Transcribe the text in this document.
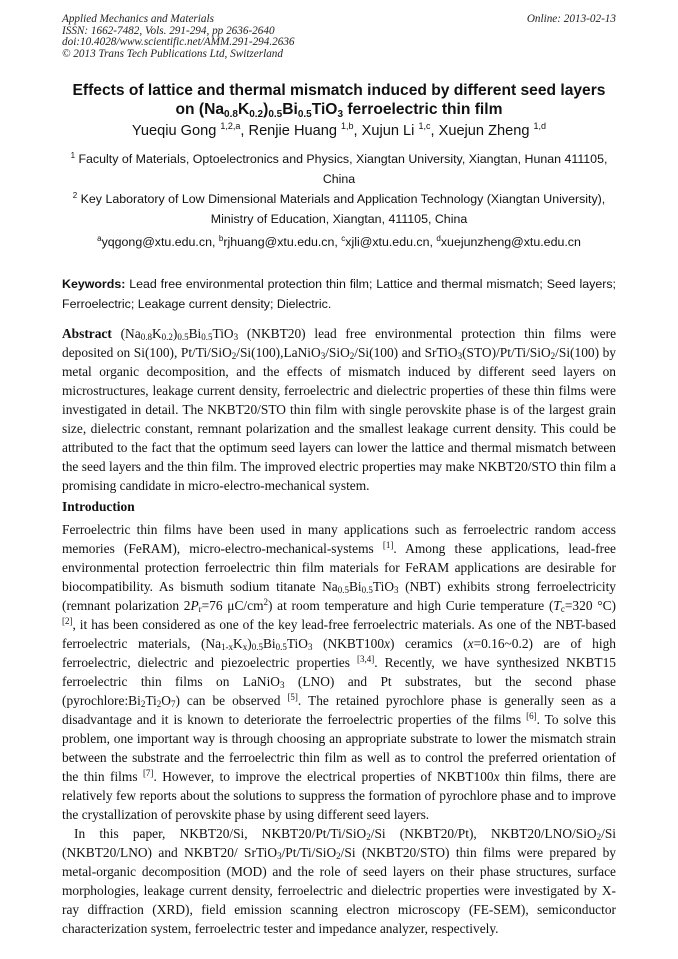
Applied Mechanics and Materials
ISSN: 1662-7482, Vols. 291-294, pp 2636-2640
doi:10.4028/www.scientific.net/AMM.291-294.2636
© 2013 Trans Tech Publications Ltd, Switzerland
Online: 2013-02-13
Effects of lattice and thermal mismatch induced by different seed layers
on $(Na_{0.8}K_{0.2})_{0.5}Bi_{0.5}TiO_3$ ferroelectric thin film
Yueqiu Gong $^{1,2,a}$, Renjie Huang $^{1,b}$, Xujun Li $^{1,c}$, Xuejun Zheng $^{1,d}$
$^1$ Faculty of Materials, Optoelectronics and Physics, Xiangtan University, Xiangtan, Hunan 411105,
China
$^2$ Key Laboratory of Low Dimensional Materials and Application Technology (Xiangtan University),
Ministry of Education, Xiangtan, 411105, China
$^a$yqgong@xtu.edu.cn, $^b$rjhuang@xtu.edu.cn, $^c$xjli@xtu.edu.cn, $^d$xuejunzheng@xtu.edu.cn
Keywords: Lead free environmental protection thin film; Lattice and thermal mismatch; Seed layers; Ferroelectric; Leakage current density; Dielectric.
Abstract $(Na_{0.8}K_{0.2})_{0.5}Bi_{0.5}TiO_3$ (NKBT20) lead free environmental protection thin films were deposited on Si(100), Pt/Ti/SiO$_2$/Si(100),LaNiO$_3$/SiO$_2$/Si(100) and SrTiO$_3$(STO)/Pt/Ti/SiO$_2$/Si(100) by metal organic decomposition, and the effects of mismatch induced by different seed layers on microstructures, leakage current density, ferroelectric and dielectric properties of these thin films were investigated in detail. The NKBT20/STO thin film with single perovskite phase is of the largest grain size, dielectric constant, remnant polarization and the smallest leakage current density. This could be attributed to the fact that the optimum seed layers can lower the lattice and thermal mismatch between the seed layers and the thin film. The improved electric properties may make NKBT20/STO thin film a promising candidate in micro-electro-mechanical system.
Introduction

Ferroelectric thin films have been used in many applications such as ferroelectric random access memories (FeRAM), micro-electro-mechanical-systems [1]. Among these applications, lead-free environmental protection ferroelectric thin film materials for FeRAM applications are desirable for biocompatibility. As bismuth sodium titanate $Na_{0.5}Bi_{0.5}TiO_3$ (NBT) exhibits strong ferroelectricity (remnant polarization $2P_r=76$ $\mu C/cm^2$) at room temperature and high Curie temperature ($T_c=320$ °C) [2], it has been considered as one of the key lead-free ferroelectric materials. As one of the NBT-based ferroelectric materials, $(Na_{1-x}K_x)_{0.5}Bi_{0.5}TiO_3$ (NKBT100x) ceramics (x=0.16~0.2) are of high ferroelectric, dielectric and piezoelectric properties [3,4]. Recently, we have synthesized NKBT15 ferroelectric thin films on LaNiO$_3$ (LNO) and Pt substrates, but the second phase $(pyrochlore:Bi_2Ti_2O_7)$ can be observed [5]. The retained pyrochlore phase is generally seen as a disadvantage and it is known to deteriorate the ferroelectric properties of the films [6]. To solve this problem, one important way is through choosing an appropriate substrate to lower the mismatch strain between the substrate and the ferroelectric thin film as well as to control the preferred orientation of the thin films [7]. However, to improve the electrical properties of NKBT100x thin films, there are relatively few reports about the solutions to suppress the formation of pyrochlore phase and to improve the crystallization of perovskite phase by using different seed layers.

In this paper, NKBT20/Si, NKBT20/Pt/Ti/SiO$_2$/Si (NKBT20/Pt), NKBT20/LNO/SiO$_2$/Si (NKBT20/LNO) and NKBT20/ SrTiO$_3$/Pt/Ti/SiO$_2$/Si (NKBT20/STO) thin films were prepared by metal-organic decomposition (MOD) and the role of seed layers on their phase structures, surface morphologies, leakage current density, ferroelectric and dielectric properties were investigated by X-ray diffraction (XRD), field emission scanning electron microscopy (FE-SEM), semiconductor characterization system, ferroelectric tester and impedance analyzer, respectively.
